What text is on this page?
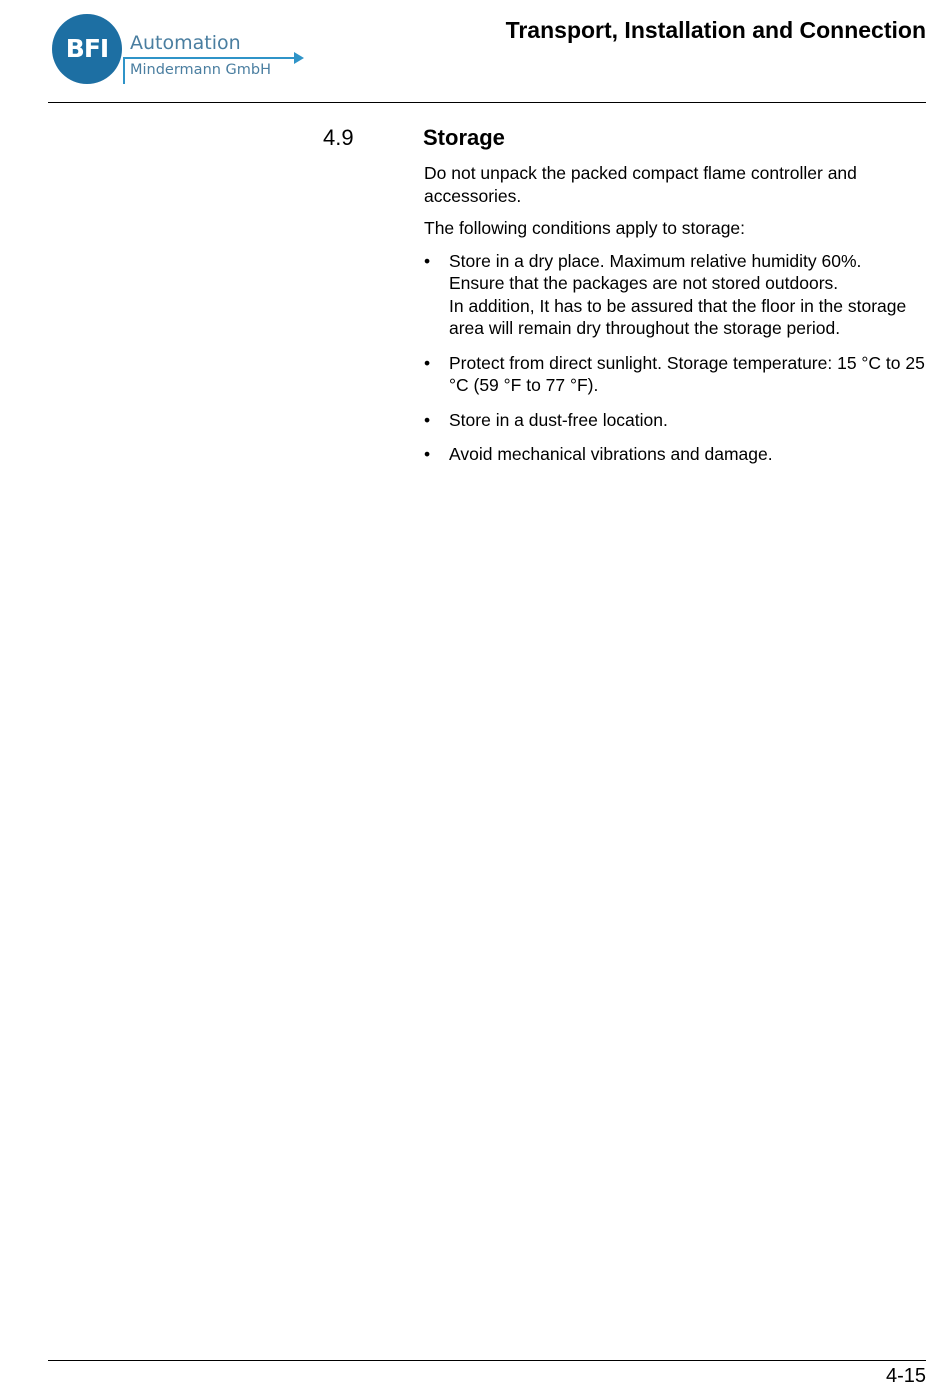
BFI	Automation
Mindermann GmbH
Transport, Installation and Connection
4.9	Storage

Do not unpack the packed compact flame controller and accessories.

The following conditions apply to storage:

• Store in a dry place. Maximum relative humidity 60%.
Ensure that the packages are not stored outdoors.
In addition, It has to be assured that the floor in the storage area will remain dry throughout the storage period.
• Protect from direct sunlight. Storage temperature: 15 °C to 25 °C (59 °F to 77 °F).
• Store in a dust-free location.
• Avoid mechanical vibrations and damage.
4-15
